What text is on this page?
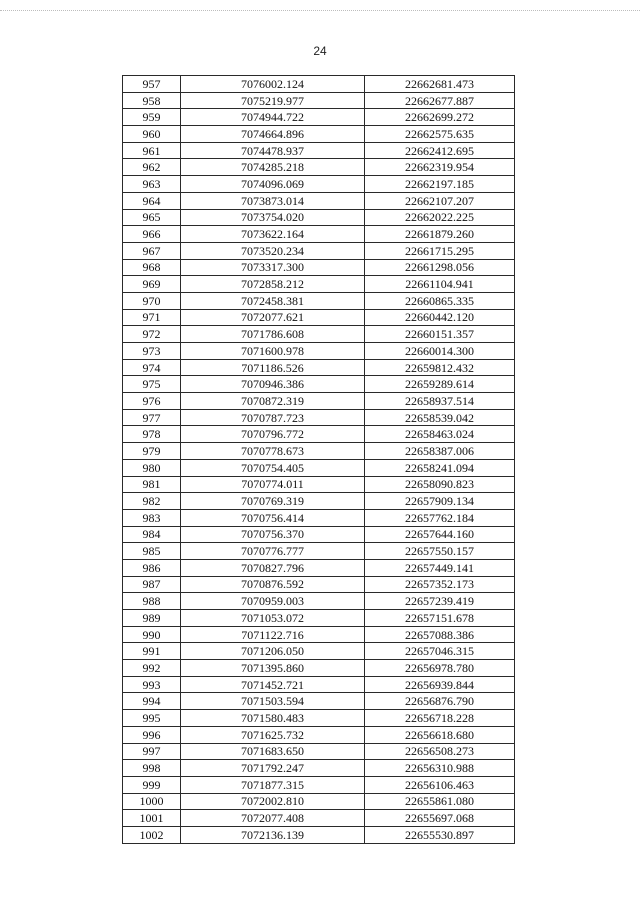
24
957	7076002.124	22662681.473
958	7075219.977	22662677.887
959	7074944.722	22662699.272
960	7074664.896	22662575.635
961	7074478.937	22662412.695
962	7074285.218	22662319.954
963	7074096.069	22662197.185
964	7073873.014	22662107.207
965	7073754.020	22662022.225
966	7073622.164	22661879.260
967	7073520.234	22661715.295
968	7073317.300	22661298.056
969	7072858.212	22661104.941
970	7072458.381	22660865.335
971	7072077.621	22660442.120
972	7071786.608	22660151.357
973	7071600.978	22660014.300
974	7071186.526	22659812.432
975	7070946.386	22659289.614
976	7070872.319	22658937.514
977	7070787.723	22658539.042
978	7070796.772	22658463.024
979	7070778.673	22658387.006
980	7070754.405	22658241.094
981	7070774.011	22658090.823
982	7070769.319	22657909.134
983	7070756.414	22657762.184
984	7070756.370	22657644.160
985	7070776.777	22657550.157
986	7070827.796	22657449.141
987	7070876.592	22657352.173
988	7070959.003	22657239.419
989	7071053.072	22657151.678
990	7071122.716	22657088.386
991	7071206.050	22657046.315
992	7071395.860	22656978.780
993	7071452.721	22656939.844
994	7071503.594	22656876.790
995	7071580.483	22656718.228
996	7071625.732	22656618.680
997	7071683.650	22656508.273
998	7071792.247	22656310.988
999	7071877.315	22656106.463
1000	7072002.810	22655861.080
1001	7072077.408	22655697.068
1002	7072136.139	22655530.897
